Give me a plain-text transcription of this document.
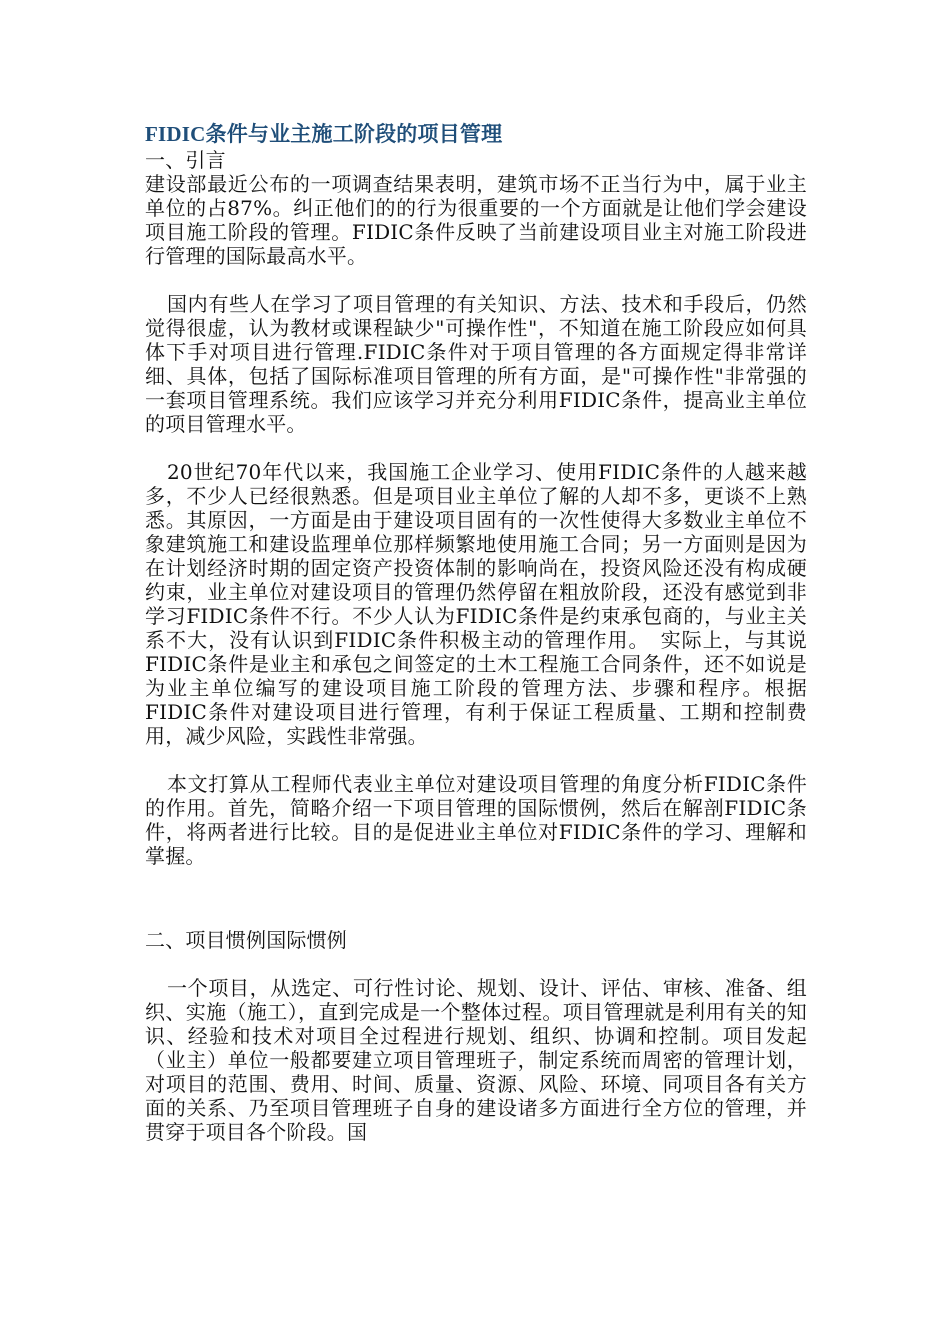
FIDIC条件与业主施工阶段的项目管理
一、引言

建设部最近公布的一项调查结果表明，建筑市场不正当行为中，属于业主单位的占87%。纠正他们的的行为很重要的一个方面就是让他们学会建设项目施工阶段的管理。FIDIC条件反映了当前建设项目业主对施工阶段进行管理的国际最高水平。

国内有些人在学习了项目管理的有关知识、方法、技术和手段后，仍然觉得很虚，认为教材或课程缺少"可操作性"，不知道在施工阶段应如何具体下手对项目进行管理.FIDIC条件对于项目管理的各方面规定得非常详细、具体，包括了国际标准项目管理的所有方面，是"可操作性"非常强的一套项目管理系统。我们应该学习并充分利用FIDIC条件，提高业主单位的项目管理水平。

20世纪70年代以来，我国施工企业学习、使用FIDIC条件的人越来越多，不少人已经很熟悉。但是项目业主单位了解的人却不多，更谈不上熟悉。其原因，一方面是由于建设项目固有的一次性使得大多数业主单位不象建筑施工和建设监理单位那样频繁地使用施工合同；另一方面则是因为在计划经济时期的固定资产投资体制的影响尚在，投资风险还没有构成硬约束，业主单位对建设项目的管理仍然停留在粗放阶段，还没有感觉到非学习FIDIC条件不行。不少人认为FIDIC条件是约束承包商的，与业主关系不大，没有认识到FIDIC条件积极主动的管理作用。　实际上，与其说FIDIC条件是业主和承包之间签定的土木工程施工合同条件，还不如说是为业主单位编写的建设项目施工阶段的管理方法、步骤和程序。根据FIDIC条件对建设项目进行管理，有利于保证工程质量、工期和控制费用，减少风险，实践性非常强。

本文打算从工程师代表业主单位对建设项目管理的角度分析FIDIC条件的作用。首先，简略介绍一下项目管理的国际惯例，然后在解剖FIDIC条件，将两者进行比较。目的是促进业主单位对FIDIC条件的学习、理解和掌握。

二、项目惯例国际惯例

一个项目，从选定、可行性讨论、规划、设计、评估、审核、准备、组织、实施（施工），直到完成是一个整体过程。项目管理就是利用有关的知识、经验和技术对项目全过程进行规划、组织、协调和控制。项目发起（业主）单位一般都要建立项目管理班子，制定系统而周密的管理计划，对项目的范围、费用、时间、质量、资源、风险、环境、同项目各有关方面的关系、乃至项目管理班子自身的建设诸多方面进行全方位的管理，并贯穿于项目各个阶段。国
